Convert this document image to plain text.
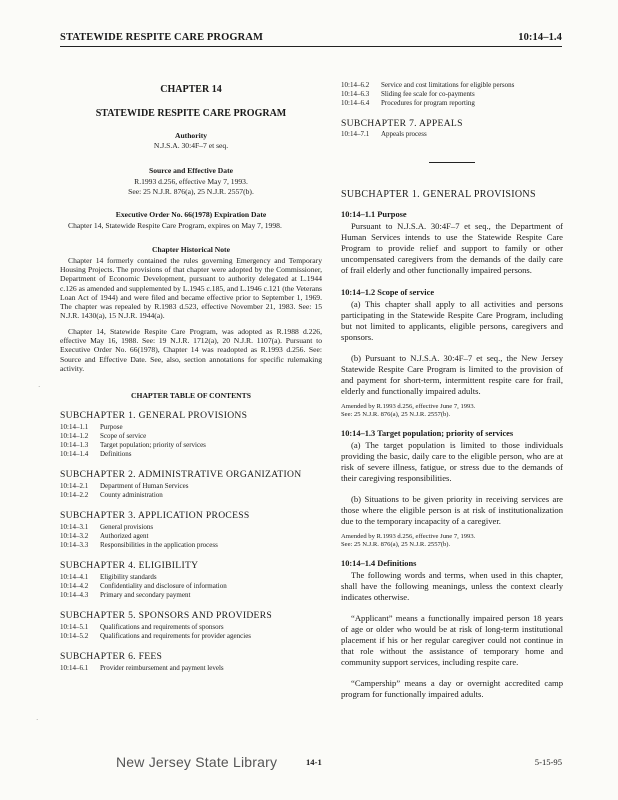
STATEWIDE RESPITE CARE PROGRAM	10:14–1.4
CHAPTER 14
STATEWIDE RESPITE CARE PROGRAM
Authority
N.J.S.A. 30:4F–7 et seq.
Source and Effective Date
R.1993 d.256, effective May 7, 1993.
See: 25 N.J.R. 876(a), 25 N.J.R. 2557(b).
Executive Order No. 66(1978) Expiration Date

Chapter 14, Statewide Respite Care Program, expires on May 7, 1998.

Chapter Historical Note

Chapter 14 formerly contained the rules governing Emergency and Temporary Housing Projects. The provisions of that chapter were adopted by the Commissioner, Department of Economic Development, pursuant to authority delegated at L.1944 c.126 as amended and supplemented by L.1945 c.185, and L.1946 c.121 (the Veterans Loan Act of 1944) and were filed and became effective prior to September 1, 1969. The chapter was repealed by R.1983 d.523, effective November 21, 1983. See: 15 N.J.R. 1430(a), 15 N.J.R. 1944(a).

Chapter 14, Statewide Respite Care Program, was adopted as R.1988 d.226, effective May 16, 1988. See: 19 N.J.R. 1712(a), 20 N.J.R. 1107(a). Pursuant to Executive Order No. 66(1978), Chapter 14 was readopted as R.1993 d.256. See: Source and Effective Date. See, also, section annotations for specific rulemaking activity.

CHAPTER TABLE OF CONTENTS
SUBCHAPTER 1. GENERAL PROVISIONS
10:14–1.1	Purpose
10:14–1.2	Scope of service
10:14–1.3	Target population; priority of services
10:14–1.4	Definitions
SUBCHAPTER 2. ADMINISTRATIVE ORGANIZATION
10:14–2.1	Department of Human Services
10:14–2.2	County administration
SUBCHAPTER 3. APPLICATION PROCESS
10:14–3.1	General provisions
10:14–3.2	Authorized agent
10:14–3.3	Responsibilities in the application process
SUBCHAPTER 4. ELIGIBILITY
10:14–4.1	Eligibility standards
10:14–4.2	Confidentiality and disclosure of information
10:14–4.3	Primary and secondary payment
SUBCHAPTER 5. SPONSORS AND PROVIDERS
10:14–5.1	Qualifications and requirements of sponsors
10:14–5.2	Qualifications and requirements for provider agencies
SUBCHAPTER 6. FEES
10:14–6.1	Provider reimbursement and payment levels
10:14–6.2	Service and cost limitations for eligible persons
10:14–6.3	Sliding fee scale for co-payments
10:14–6.4	Procedures for program reporting
SUBCHAPTER 7. APPEALS
10:14–7.1	Appeals process
SUBCHAPTER 1. GENERAL PROVISIONS
10:14–1.1 Purpose

Pursuant to N.J.S.A. 30:4F–7 et seq., the Department of Human Services intends to use the Statewide Respite Care Program to provide relief and support to family or other uncompensated caregivers from the demands of the daily care of frail elderly and other functionally impaired persons.

10:14–1.2 Scope of service

(a) This chapter shall apply to all activities and persons participating in the Statewide Respite Care Program, including but not limited to applicants, eligible persons, caregivers and sponsors.

(b) Pursuant to N.J.S.A. 30:4F–7 et seq., the New Jersey Statewide Respite Care Program is limited to the provision of and payment for short-term, intermittent respite care for frail, elderly and functionally impaired adults.

Amended by R.1993 d.256, effective June 7, 1993.
See: 25 N.J.R. 876(a), 25 N.J.R. 2557(b).
10:14–1.3 Target population; priority of services

(a) The target population is limited to those individuals providing the basic, daily care to the eligible person, who are at risk of severe illness, fatigue, or stress due to the demands of their caregiving responsibilities.

(b) Situations to be given priority in receiving services are those where the eligible person is at risk of institutionalization due to the temporary incapacity of a caregiver.

Amended by R.1993 d.256, effective June 7, 1993.
See: 25 N.J.R. 876(a), 25 N.J.R. 2557(b).
10:14–1.4 Definitions

The following words and terms, when used in this chapter, shall have the following meanings, unless the context clearly indicates otherwise.

“Applicant” means a functionally impaired person 18 years of age or older who would be at risk of long-term institutional placement if his or her regular caregiver could not continue in that role without the assistance of temporary home and community support services, including respite care.

“Campership” means a day or overnight accredited camp program for functionally impaired adults.

·
·
New Jersey State Library	14-1	5-15-95
